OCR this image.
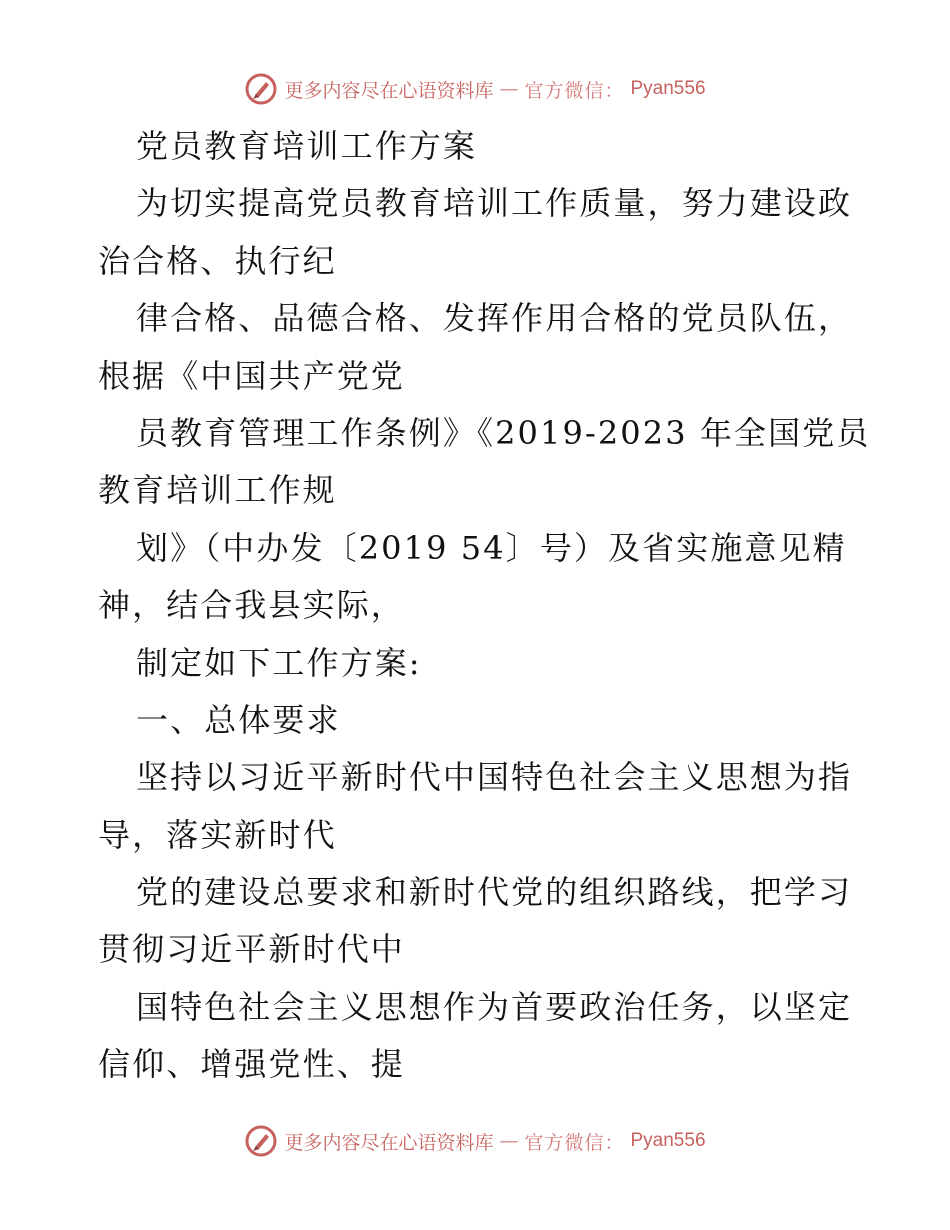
更多内容尽在心语资料库 — 官方微信： Pyan556
党员教育培训工作方案
为切实提高党员教育培训工作质量，努力建设政
治合格、执行纪
律合格、品德合格、发挥作用合格的党员队伍，
根据《中国共产党党
员教育管理工作条例》《2019-2023 年全国党员
教育培训工作规
划》（中办发〔2019 54〕号）及省实施意见精
神，结合我县实际，
制定如下工作方案:
一、总体要求
坚持以习近平新时代中国特色社会主义思想为指
导，落实新时代
党的建设总要求和新时代党的组织路线，把学习
贯彻习近平新时代中
国特色社会主义思想作为首要政治任务，以坚定
信仰、增强党性、提
更多内容尽在心语资料库 — 官方微信： Pyan556
